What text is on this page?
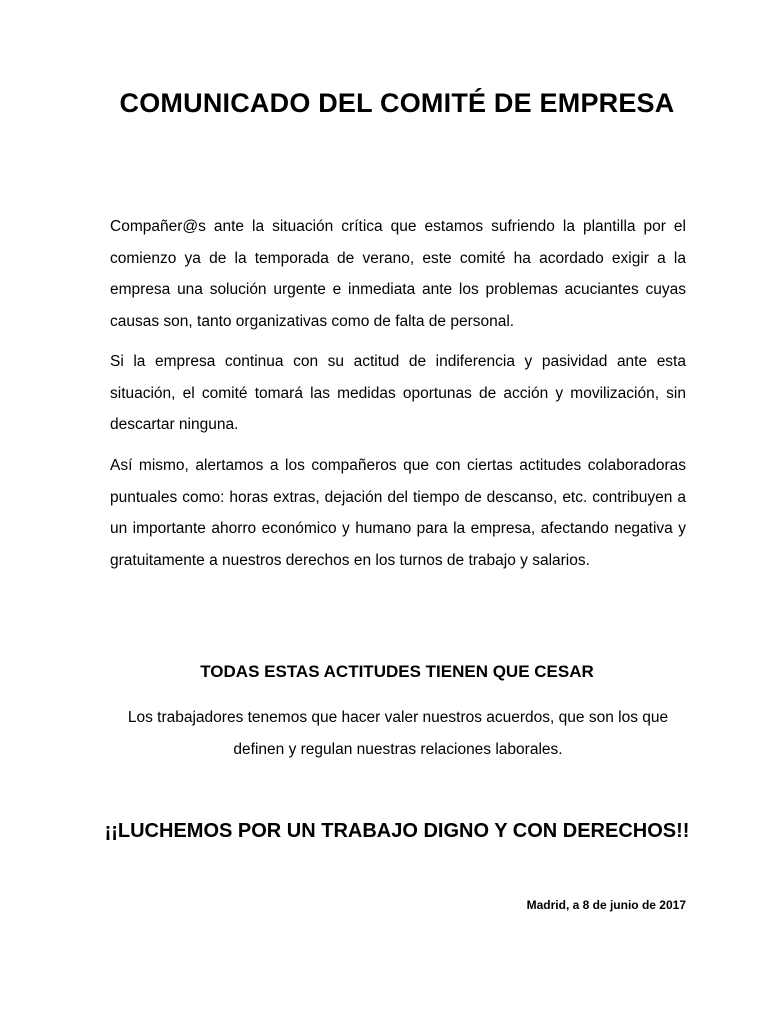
COMUNICADO DEL COMITÉ DE EMPRESA

Compañer@s ante la situación crítica que estamos sufriendo la plantilla por el comienzo ya de la temporada de verano, este comité ha acordado exigir a la empresa una solución urgente e inmediata ante los problemas acuciantes cuyas causas son, tanto organizativas como de falta de personal.

Si la empresa continua con su actitud de indiferencia y pasividad ante esta situación, el comité tomará las medidas oportunas de acción y movilización, sin descartar ninguna.

Así mismo, alertamos a los compañeros que con ciertas actitudes colaboradoras puntuales como: horas extras, dejación del tiempo de descanso, etc. contribuyen a un importante ahorro económico y humano para la empresa, afectando negativa y gratuitamente a nuestros derechos en los turnos de trabajo y salarios.

TODAS ESTAS ACTITUDES TIENEN QUE CESAR

Los trabajadores tenemos que hacer valer nuestros acuerdos, que son los que definen y regulan nuestras relaciones laborales.

¡¡LUCHEMOS POR UN TRABAJO DIGNO Y CON DERECHOS!!

Madrid, a 8 de junio de 2017
